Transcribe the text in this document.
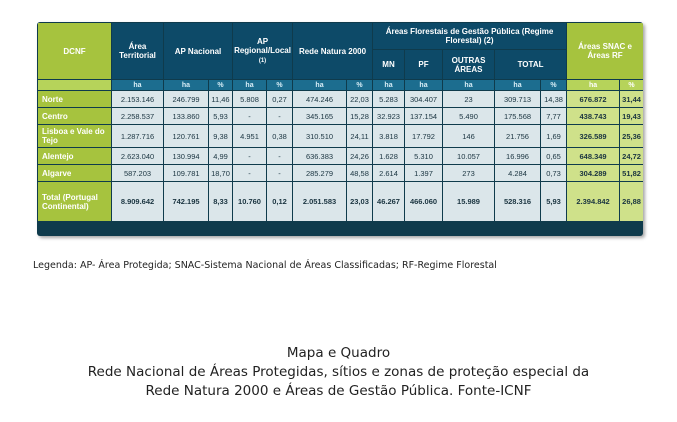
DCNF	Área Territorial	AP Nacional		AP Regional/Local
(1)		Rede Natura 2000		Áreas Florestais de Gestão Pública (Regime Florestal) (2)					Áreas SNAC e Áreas RF	
								MN	PF	OUTRAS ÁREAS	TOTAL			
	ha	ha	%	ha	%	ha	%	ha	ha	ha	ha	%	ha	%
Norte	2.153.146	246.799	11,46	5.808	0,27	474.246	22,03	5.283	304.407	23	309.713	14,38	676.872	31,44
Centro	2.258.537	133.860	5,93	-	-	345.165	15,28	32.923	137.154	5.490	175.568	7,77	438.743	19,43
Lisboa e Vale do Tejo	1.287.716	120.761	9,38	4.951	0,38	310.510	24,11	3.818	17.792	146	21.756	1,69	326.589	25,36
Alentejo	2.623.040	130.994	4,99	-	-	636.383	24,26	1.628	5.310	10.057	16.996	0,65	648.349	24,72
Algarve	587.203	109.781	18,70	-	-	285.279	48,58	2.614	1.397	273	4.284	0,73	304.289	51,82
Total (Portugal Continental)	8.909.642	742.195	8,33	10.760	0,12	2.051.583	23,03	46.267	466.060	15.989	528.316	5,93	2.394.842	26,88
Legenda: AP- Área Protegida; SNAC-Sistema Nacional de Áreas Classificadas; RF-Regime Florestal
Mapa e Quadro
Rede Nacional de Áreas Protegidas, sítios e zonas de proteção especial da
Rede Natura 2000 e Áreas de Gestão Pública. Fonte-ICNF
